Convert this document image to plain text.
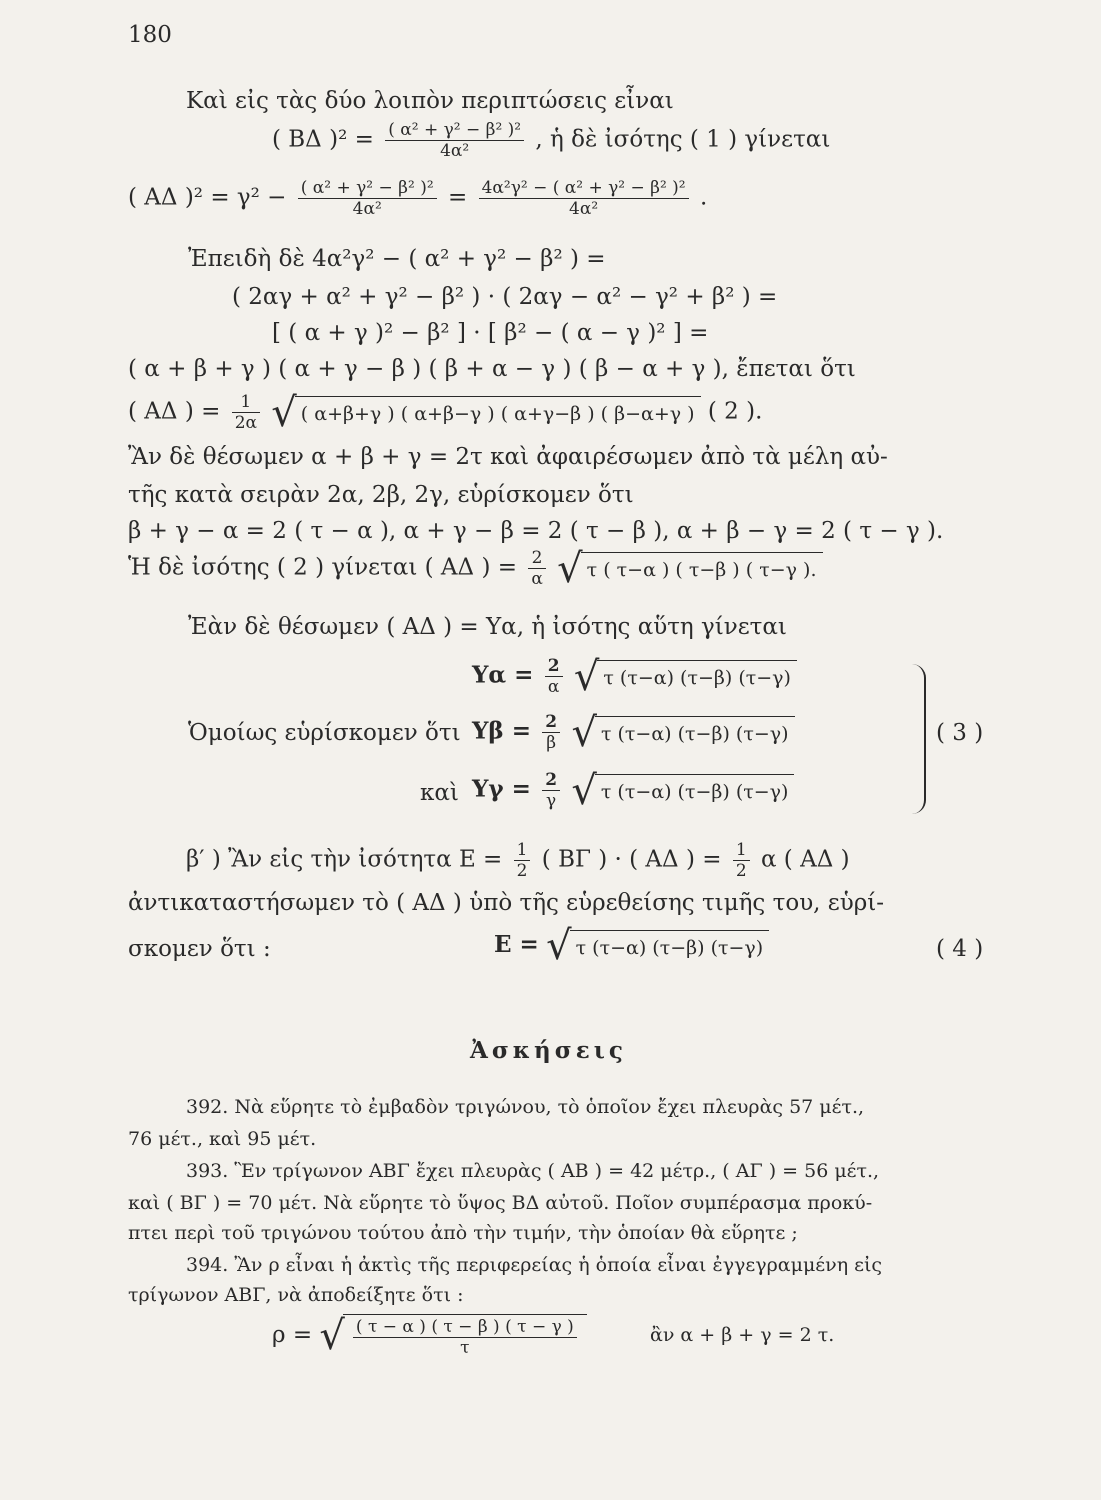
180
Καὶ εἰς τὰς δύο λοιπὸν περιπτώσεις εἶναι
( ΒΔ )$^2 = \frac{\text{( α² + γ² − β² )²}}{\text{4α²}}$ , ἡ δὲ ἰσότης ( 1 ) γίνεται
( ΑΔ )$^2 = \gamma^2 - \frac{\text{( α² + γ² − β² )²}}{\text{4α²}} = \frac{\text{4α²γ² − ( α² + γ² − β² )²}}{\text{4α²}}$ .
Ἐπειδὴ δὲ 4α²γ² − ( α² + γ² − β² ) =
( 2αγ + α² + γ² − β² ) · ( 2αγ − α² − γ² + β² ) =
[ ( α + γ )² − β² ] · [ β² − ( α − γ )² ] =
( α + β + γ ) ( α + γ − β ) ( β + α − γ ) ( β − α + γ ), ἔπεται ὅτι
( ΑΔ ) = $\frac{1}{2\alpha}$ √ ( α+β+γ ) ( α+β−γ ) ( α+γ−β ) ( β−α+γ ) ( 2 ).
Ἂν δὲ θέσωμεν α + β + γ = 2τ καὶ ἀφαιρέσωμεν ἀπὸ τὰ μέλη αὐ-
τῆς κατὰ σειρὰν 2α, 2β, 2γ, εὑρίσκομεν ὅτι
β + γ − α = 2 ( τ − α ), α + γ − β = 2 ( τ − β ), α + β − γ = 2 ( τ − γ ).
Ἡ δὲ ἰσότης ( 2 ) γίνεται ( ΑΔ ) = $\frac{2}{\alpha}$ √ τ ( τ−α ) ( τ−β ) ( τ−γ ).
Ἐὰν δὲ θέσωμεν ( ΑΔ ) = Υα, ἡ ἰσότης αὕτη γίνεται
$\Upsilon\alpha = \frac{2}{\alpha}$ √ τ (τ−α) (τ−β) (τ−γ)
Ὁμοίως εὑρίσκομεν ὅτι $\Upsilon\beta = \frac{2}{\beta}$ √ τ (τ−α) (τ−β) (τ−γ)	( 3 )
καὶ $\Upsilon\gamma = \frac{2}{\gamma}$ √ τ (τ−α) (τ−β) (τ−γ)
β′ ) Ἂν εἰς τὴν ἰσότητα $E = \frac{1}{2}$ ( ΒΓ ) · ( ΑΔ ) = $\frac{1}{2}$ α ( ΑΔ )
ἀντικαταστήσωμεν τὸ ( ΑΔ ) ὑπὸ τῆς εὑρεθείσης τιμῆς του, εὑρί-
σκομεν ὅτι :	Ε = √ τ (τ−α) (τ−β) (τ−γ)	( 4 )
Ἀσκήσεις
392. Νὰ εὕρητε τὸ ἐμβαδὸν τριγώνου, τὸ ὁποῖον ἔχει πλευρὰς 57 μέτ.,
76 μέτ., καὶ 95 μέτ.
393. Ἓν τρίγωνον ΑΒΓ ἔχει πλευρὰς ( ΑΒ ) = 42 μέτρ., ( ΑΓ ) = 56 μέτ.,
καὶ ( ΒΓ ) = 70 μέτ. Νὰ εὕρητε τὸ ὕψος ΒΔ αὐτοῦ. Ποῖον συμπέρασμα προκύ-
πτει περὶ τοῦ τριγώνου τούτου ἀπὸ τὴν τιμήν, τὴν ὁποίαν θὰ εὕρητε ;
394. Ἂν ρ εἶναι ἡ ἀκτὶς τῆς περιφερείας ἡ ὁποία εἶναι ἐγγεγραμμένη εἰς
τρίγωνον ΑΒΓ, νὰ ἀποδείξητε ὅτι :
ρ = √ $\frac{( \tau - \alpha ) ( \tau - \beta ) ( \tau - \gamma )}{\tau}$	ἂν α + β + γ = 2 τ.
